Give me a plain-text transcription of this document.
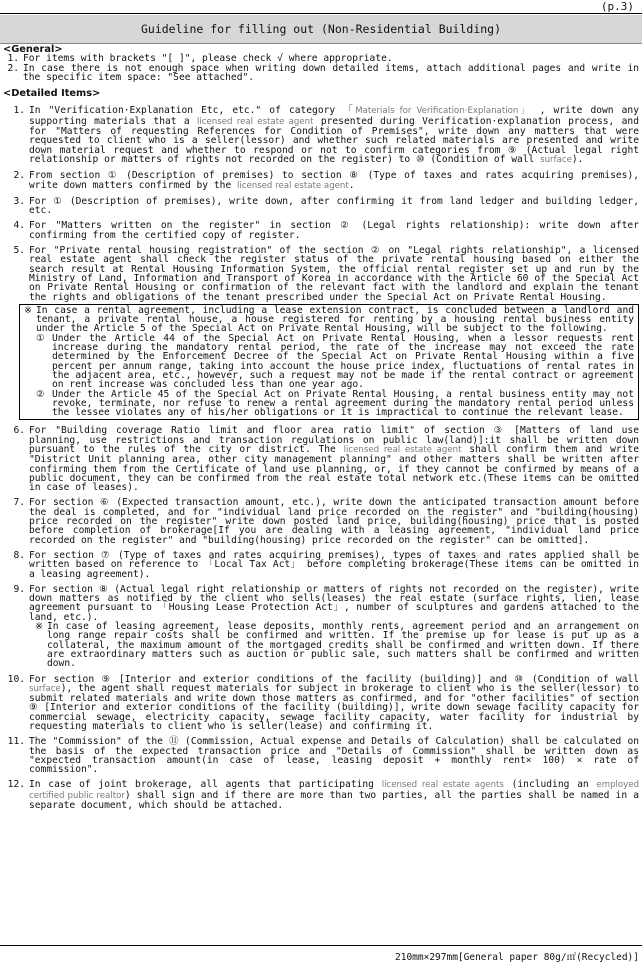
(p.3)
Guideline for filling out (Non-Residential Building)
<General>
1. For items with brackets "[ ]", please check √ where appropriate.
2. In case there is not enough space when writing down detailed items, attach additional pages and write in the specific item space: "See attached".
<Detailed Items>
1. In "Verification·Explanation Etc, etc." of category 「Materials for Verification·Explanation」 , write down any supporting materials that a licensed real estate agent presented during Verification·explanation process, and for "Matters of requesting References for Condition of Premises", write down any matters that were requested to client who is a seller(lessor) and whether such related materials are presented and write down material request and whether to respond or not to confirm categories from ⑨ (Actual legal right relationship or matters of rights not recorded on the register) to ⑩ (Condition of wall surface).
2. From section ① (Description of premises) to section ⑧ (Type of taxes and rates acquiring premises), write down matters confirmed by the licensed real estate agent.
3. For ① (Description of premises), write down, after confirming it from land ledger and building ledger, etc.
4. For "Matters written on the register" in section ② (Legal rights relationship): write down after confirming from the certified copy of register.
5. For "Private rental housing registration" of the section ② on "Legal rights relationship", a licensed real estate agent shall check the register status of the private rental housing based on either the search result at Rental Housing Information System, the official rental register set up and run by the Ministry of Land, Information and Transport of Korea in accordance with the Article 60 of the Special Act on Private Rental Housing or confirmation of the relevant fact with the landlord and explain the tenant the rights and obligations of the tenant prescribed under the Special Act on Private Rental Housing.
※ In case a rental agreement, including a lease extension contract, is concluded between a landlord and tenant, a private rental house, a house registered for renting by a housing rental business entity under the Article 5 of the Special Act on Private Rental Housing, will be subject to the following.
① Under the Article 44 of the Special Act on Private Rental Housing, when a lessor requests rent increase during the mandatory rental period, the rate of the increase may not exceed the rate determined by the Enforcement Decree of the Special Act on Private Rental Housing within a five percent per annum range, taking into account the house price index, fluctuations of rental rates in the adjacent area, etc., however, such a request may not be made if the rental contract or agreement on rent increase was concluded less than one year ago.
② Under the Article 45 of the Special Act on Private Rental Housing, a rental business entity may not revoke, terminate, nor refuse to renew a rental agreement during the mandatory rental period unless the lessee violates any of his/her obligations or it is impractical to continue the relevant lease.
6. For "Building coverage Ratio limit and floor area ratio limit" of section ③ [Matters of land use planning, use restrictions and transaction regulations on public law(land)]:it shall be written down pursuant to the rules of the city or district. The licensed real estate agent shall confirm them and write "District Unit planning area, other city management planning" and other matters shall be written after confirming them from the Certificate of land use planning, or, if they cannot be confirmed by means of a public document, they can be confirmed from the real estate total network etc.(These items can be omitted in case of leases).
7. For section ⑥ (Expected transaction amount, etc.), write down the anticipated transaction amount before the deal is completed, and for "individual land price recorded on the register" and "building(housing) price recorded on the register" write down posted land price, building(housing) price that is posted before completion of brokerage[If you are dealing with a leasing agreement, "individual land price recorded on the register" and "building(housing) price recorded on the register" can be omitted].
8. For section ⑦ (Type of taxes and rates acquiring premises), types of taxes and rates applied shall be written based on reference to 「Local Tax Act」 before completing brokerage(These items can be omitted in a leasing agreement).
9. For section ⑧ (Actual legal right relationship or matters of rights not recorded on the register), write down matters as notified by the client who sells(leases) the real estate (surface rights, lien, lease agreement pursuant to 「Housing Lease Protection Act」, number of sculptures and gardens attached to the land, etc.).

※ In case of leasing agreement, lease deposits, monthly rents, agreement period and an arrangement on long range repair costs shall be confirmed and written. If the premise up for lease is put up as a collateral, the maximum amount of the mortgaged credits shall be confirmed and written down. If there are extraordinary matters such as auction or public sale, such matters shall be confirmed and written down.
10. For section ⑨ [Interior and exterior conditions of the facility (building)] and ⑩ (Condition of wall surface), the agent shall request materials for subject in brokerage to client who is the seller(lessor) to submit related materials and write down those matters as confirmed, and for "other facilities" of section ⑨ [Interior and exterior conditions of the facility (building)], write down sewage facility capacity for commercial sewage, electricity capacity, sewage facility capacity, water facility for industrial by requesting materials to client who is seller(lease) and confirming it.
11. The "Commission" of the ⑪ (Commission, Actual expense and Details of Calculation) shall be calculated on the basis of the expected transaction price and "Details of Commission" shall be written down as "expected transaction amount(in case of lease, leasing deposit + monthly rent× 100) × rate of commission".
12. In case of joint brokerage, all agents that participating licensed real estate agents (including an employed certified public realtor) shall sign and if there are more than two parties, all the parties shall be named in a separate document, which should be attached.
210mm×297mm[General paper 80g/㎡(Recycled)]
